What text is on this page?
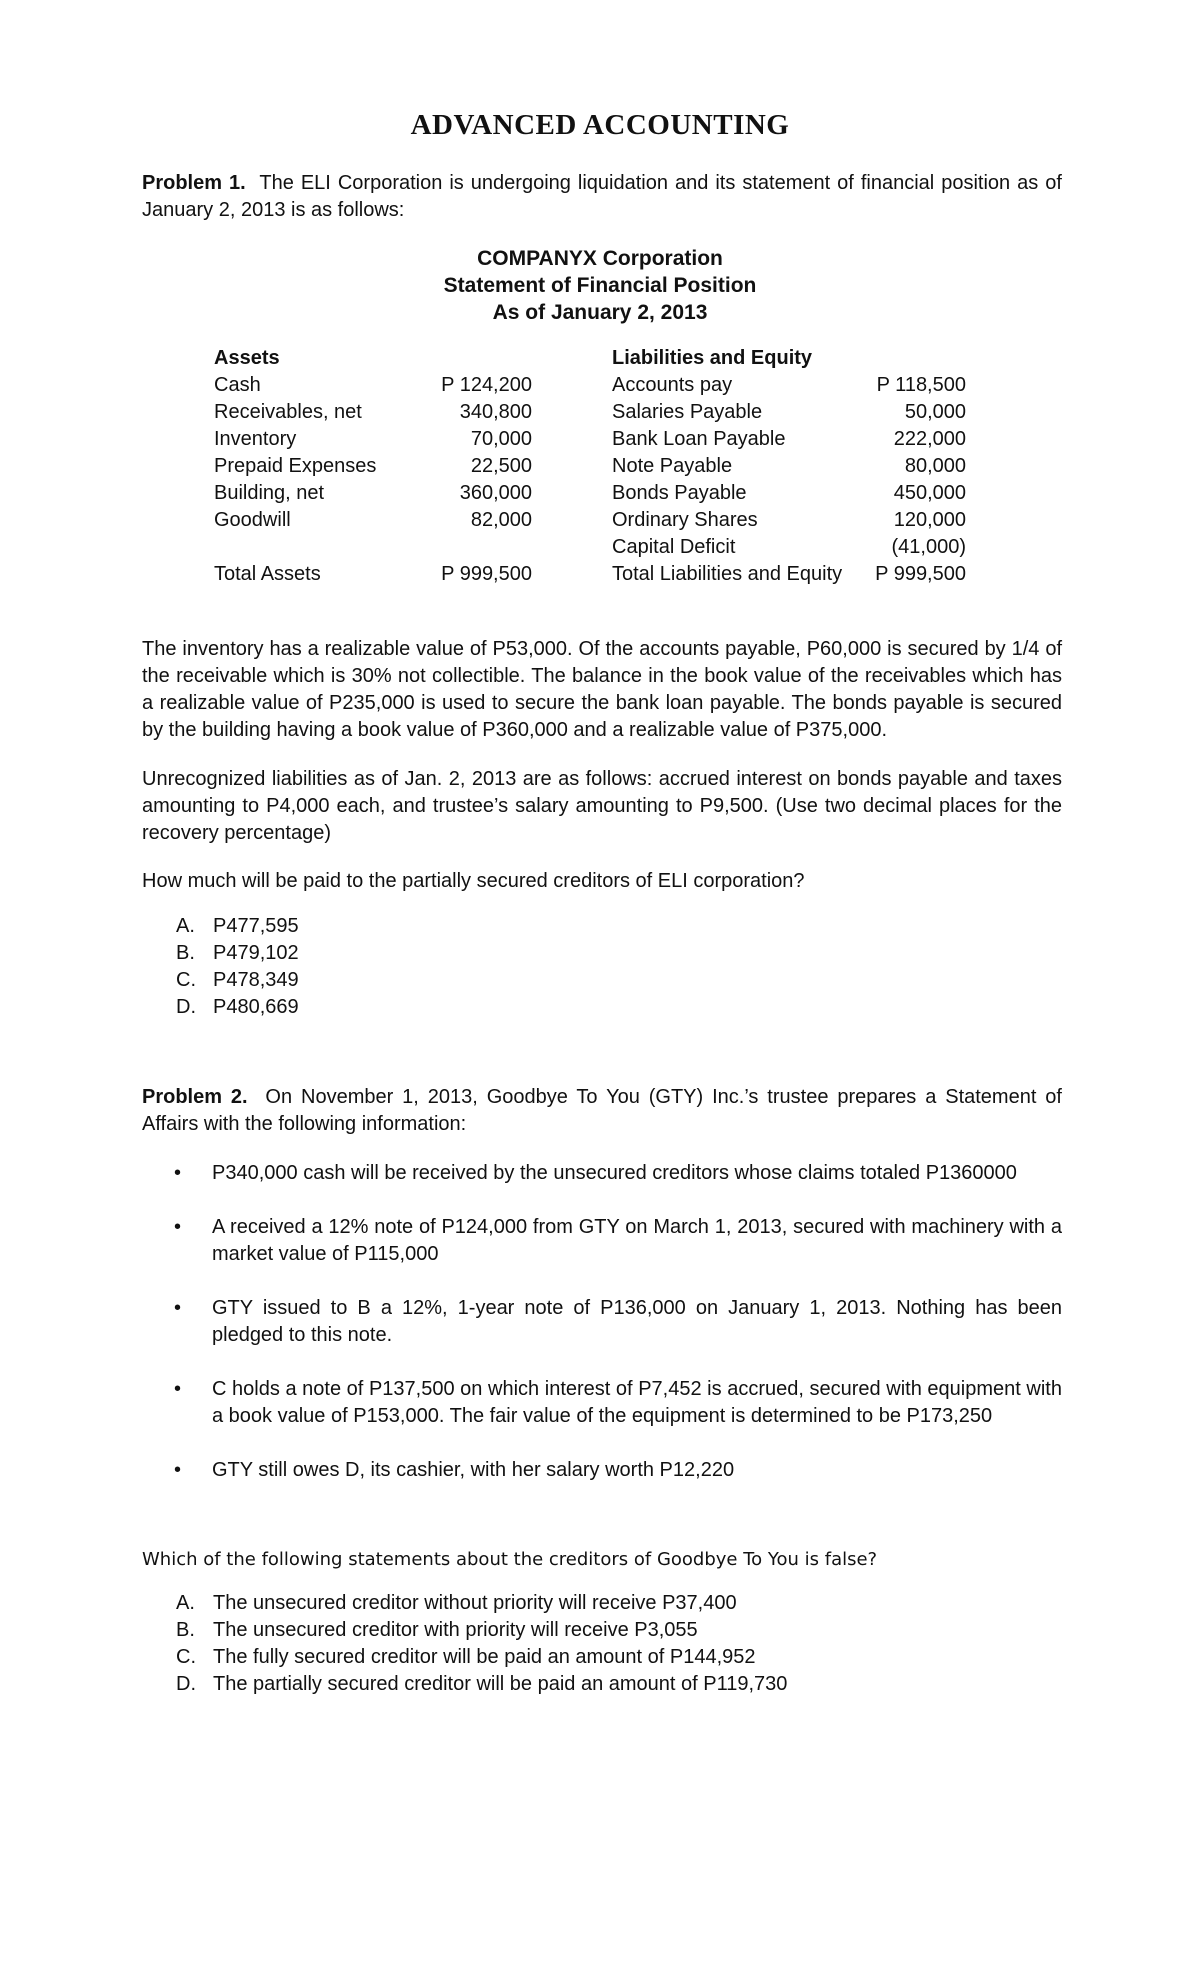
ADVANCED ACCOUNTING

Problem 1. The ELI Corporation is undergoing liquidation and its statement of financial position as of January 2, 2013 is as follows:

COMPANYX Corporation
Statement of Financial Position
As of January 2, 2013
Assets
Cash
Receivables, net
Inventory
Prepaid Expenses
Building, net
Goodwill
Total Assets
P 124,200
340,800
70,000
22,500
360,000
82,000
P 999,500
Liabilities and Equity
Accounts pay
Salaries Payable
Bank Loan Payable
Note Payable
Bonds Payable
Ordinary Shares
Capital Deficit
Total Liabilities and Equity
P 118,500
50,000
222,000
80,000
450,000
120,000
(41,000)
P 999,500

The inventory has a realizable value of P53,000. Of the accounts payable, P60,000 is secured by 1/4 of the receivable which is 30% not collectible. The balance in the book value of the receivables which has a realizable value of P235,000 is used to secure the bank loan payable. The bonds payable is secured by the building having a book value of P360,000 and a realizable value of P375,000.

Unrecognized liabilities as of Jan. 2, 2013 are as follows: accrued interest on bonds payable and taxes amounting to P4,000 each, and trustee’s salary amounting to P9,500. (Use two decimal places for the recovery percentage)

How much will be paid to the partially secured creditors of ELI corporation?

A. P477,595
B. P479,102
C. P478,349
D. P480,669

Problem 2. On November 1, 2013, Goodbye To You (GTY) Inc.’s trustee prepares a Statement of Affairs with the following information:

• P340,000 cash will be received by the unsecured creditors whose claims totaled P1360000
• A received a 12% note of P124,000 from GTY on March 1, 2013, secured with machinery with a market value of P115,000
• GTY issued to B a 12%, 1-year note of P136,000 on January 1, 2013. Nothing has been pledged to this note.
• C holds a note of P137,500 on which interest of P7,452 is accrued, secured with equipment with a book value of P153,000. The fair value of the equipment is determined to be P173,250
• GTY still owes D, its cashier, with her salary worth P12,220
Which of the following statements about the creditors of Goodbye To You is false?
A. The unsecured creditor without priority will receive P37,400
B. The unsecured creditor with priority will receive P3,055
C. The fully secured creditor will be paid an amount of P144,952
D. The partially secured creditor will be paid an amount of P119,730
